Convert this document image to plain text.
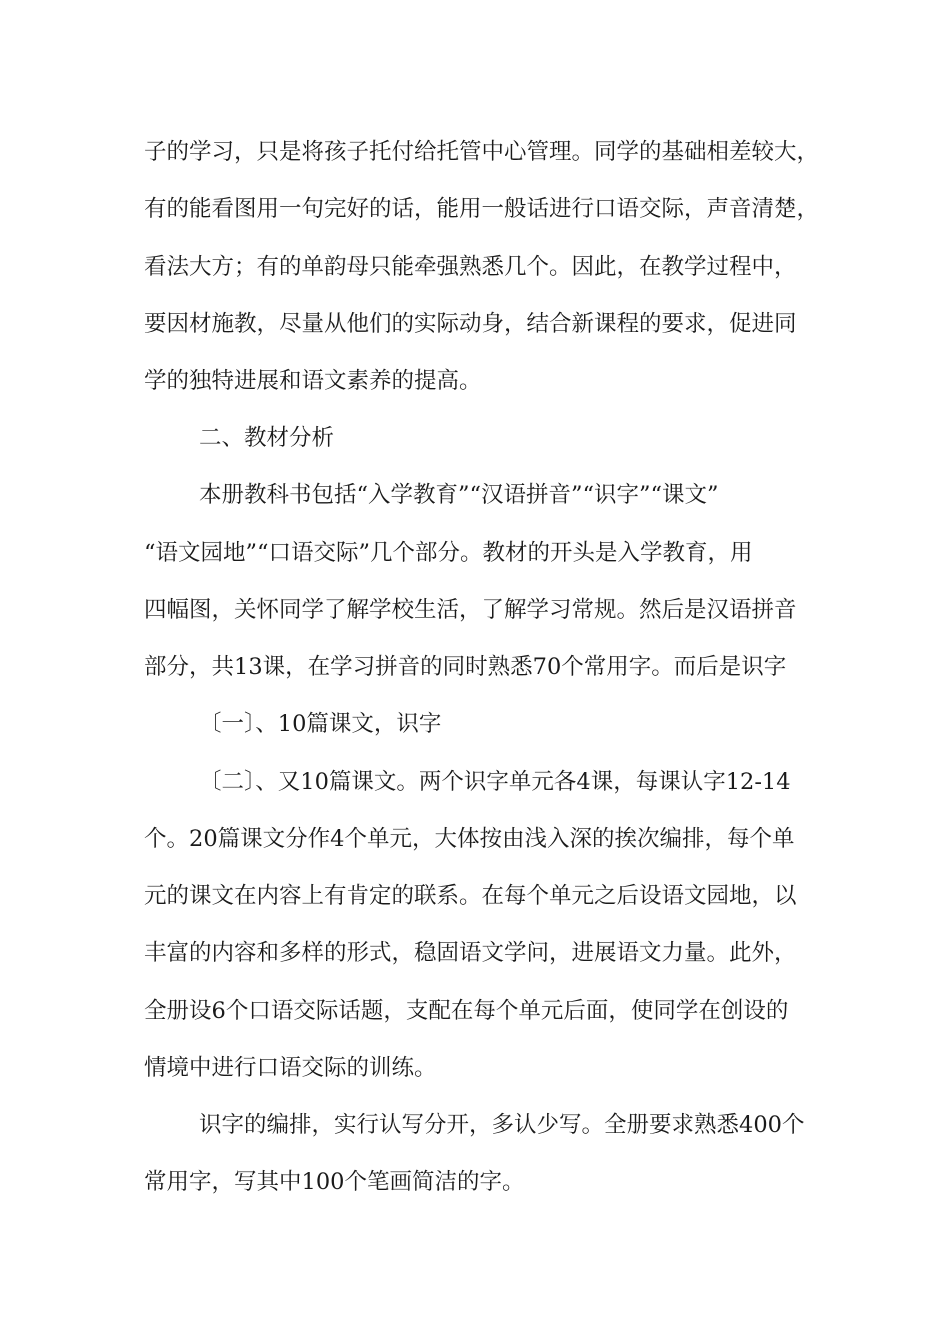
子的学习，只是将孩子托付给托管中心管理。同学的基础相差较大，
有的能看图用一句完好的话，能用一般话进行口语交际，声音清楚，
看法大方；有的单韵母只能牵强熟悉几个。因此，在教学过程中，
要因材施教，尽量从他们的实际动身，结合新课程的要求，促进同
学的独特进展和语文素养的提高。
二、教材分析
本册教科书包括“入学教育”“汉语拼音”“识字”“课文”
“语文园地”“口语交际”几个部分。教材的开头是入学教育，用
四幅图，关怀同学了解学校生活，了解学习常规。然后是汉语拼音
部分，共13课，在学习拼音的同时熟悉70个常用字。而后是识字
〔一〕、10篇课文，识字
〔二〕、又10篇课文。两个识字单元各4课，每课认字12-14
个。20篇课文分作4个单元，大体按由浅入深的挨次编排，每个单
元的课文在内容上有肯定的联系。在每个单元之后设语文园地，以
丰富的内容和多样的形式，稳固语文学问，进展语文力量。此外，
全册设6个口语交际话题，支配在每个单元后面，使同学在创设的
情境中进行口语交际的训练。
识字的编排，实行认写分开，多认少写。全册要求熟悉400个
常用字，写其中100个笔画简洁的字。
